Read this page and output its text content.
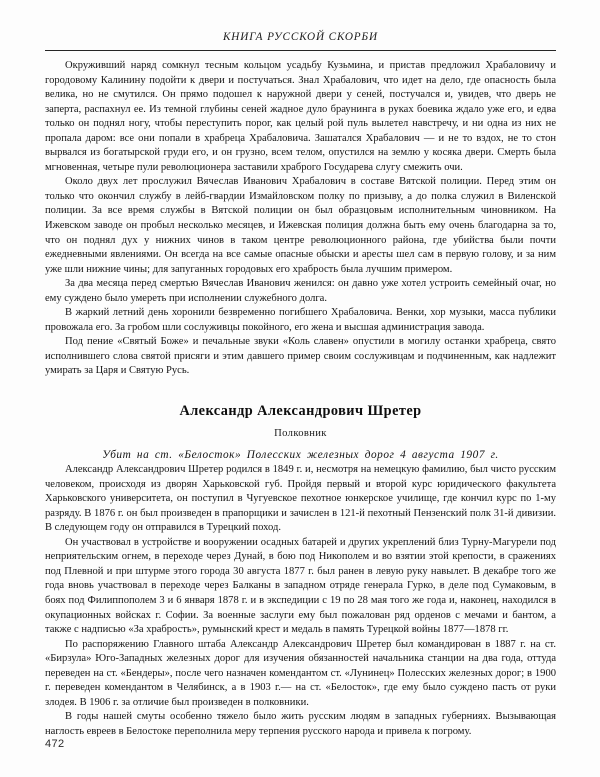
КНИГА РУССКОЙ СКОРБИ

Окруживший наряд сомкнул тесным кольцом усадьбу Кузьмина, и пристав предложил Храбаловичу и городовому Калинину подойти к двери и постучаться. Знал Храбалович, что идет на дело, где опасность была велика, но не смутился. Он прямо подошел к наружной двери у сеней, постучался и, увидев, что дверь не заперта, распахнул ее. Из темной глубины сеней жадное дуло браунинга в руках боевика ждало уже его, и едва только он поднял ногу, чтобы переступить порог, как целый рой пуль вылетел навстречу, и ни одна из них не пропала даром: все они попали в храбреца Храбаловича. Зашатался Храбалович — и не то вздох, не то стон вырвался из богатырской груди его, и он грузно, всем телом, опустился на землю у косяка двери. Смерть была мгновенная, четыре пули революционера заставили храброго Государева слугу смежить очи.

Около двух лет прослужил Вячеслав Иванович Храбалович в составе Вятской полиции. Перед этим он только что окончил службу в лейб-гвардии Измайловском полку по призыву, а до полка служил в Виленской полиции. За все время службы в Вятской полиции он был образцовым исполнительным чиновником. На Ижевском заводе он пробыл несколько месяцев, и Ижевская полиция должна быть ему очень благодарна за то, что он поднял дух у нижних чинов в таком центре революционного района, где убийства были почти ежедневными явлениями. Он всегда на все самые опасные обыски и аресты шел сам в первую голову, и за ним уже шли нижние чины; для запуганных городовых его храбрость была лучшим примером.

За два месяца перед смертью Вячеслав Иванович женился: он давно уже хотел устроить семейный очаг, но ему суждено было умереть при исполнении служебного долга.

В жаркий летний день хоронили безвременно погибшего Храбаловича. Венки, хор музыки, масса публики провожала его. За гробом шли сослуживцы покойного, его жена и высшая администрация завода.

Под пение «Святый Боже» и печальные звуки «Коль славен» опустили в могилу останки храбреца, свято исполнившего слова святой присяги и этим давшего пример своим сослуживцам и подчиненным, как надлежит умирать за Царя и Святую Русь.

Александр Александрович Шретер
Полковник
Убит на ст. «Белосток» Полесских железных дорог 4 августа 1907 г.

Александр Александрович Шретер родился в 1849 г. и, несмотря на немецкую фамилию, был чисто русским человеком, происходя из дворян Харьковской губ. Пройдя первый и второй курс юридического факультета Харьковского университета, он поступил в Чугуевское пехотное юнкерское училище, где кончил курс по 1-му разряду. В 1876 г. он был произведен в прапорщики и зачислен в 121-й пехотный Пензенский полк 31-й дивизии. В следующем году он отправился в Турецкий поход.

Он участвовал в устройстве и вооружении осадных батарей и других укреплений близ Турну-Магурели под неприятельским огнем, в переходе через Дунай, в бою под Никополем и во взятии этой крепости, в сражениях под Плевной и при штурме этого города 30 августа 1877 г. был ранен в левую руку навылет. В декабре того же года вновь участвовал в переходе через Балканы в западном отряде генерала Гурко, в деле под Сумаковым, в боях под Филиппополем 3 и 6 января 1878 г. и в экспедиции с 19 по 28 мая того же года и, наконец, находился в окупационных войсках г. Софии. За военные заслуги ему был пожалован ряд орденов с мечами и бантом, а также с надписью «За храбрость», румынский крест и медаль в память Турецкой войны 1877—1878 гг.

По распоряжению Главного штаба Александр Александрович Шретер был командирован в 1887 г. на ст. «Бирзула» Юго-Западных железных дорог для изучения обязанностей начальника станции на два года, оттуда переведен на ст. «Бендеры», после чего назначен комендантом ст. «Лунинец» Полесских железных дорог; в 1900 г. переведен комендантом в Челябинск, а в 1903 г.— на ст. «Белосток», где ему было суждено пасть от руки злодея. В 1906 г. за отличие был произведен в полковники.

В годы нашей смуты особенно тяжело было жить русским людям в западных губерниях. Вызывающая наглость евреев в Белостоке переполнила меру терпения русского народа и привела к погрому.

472
